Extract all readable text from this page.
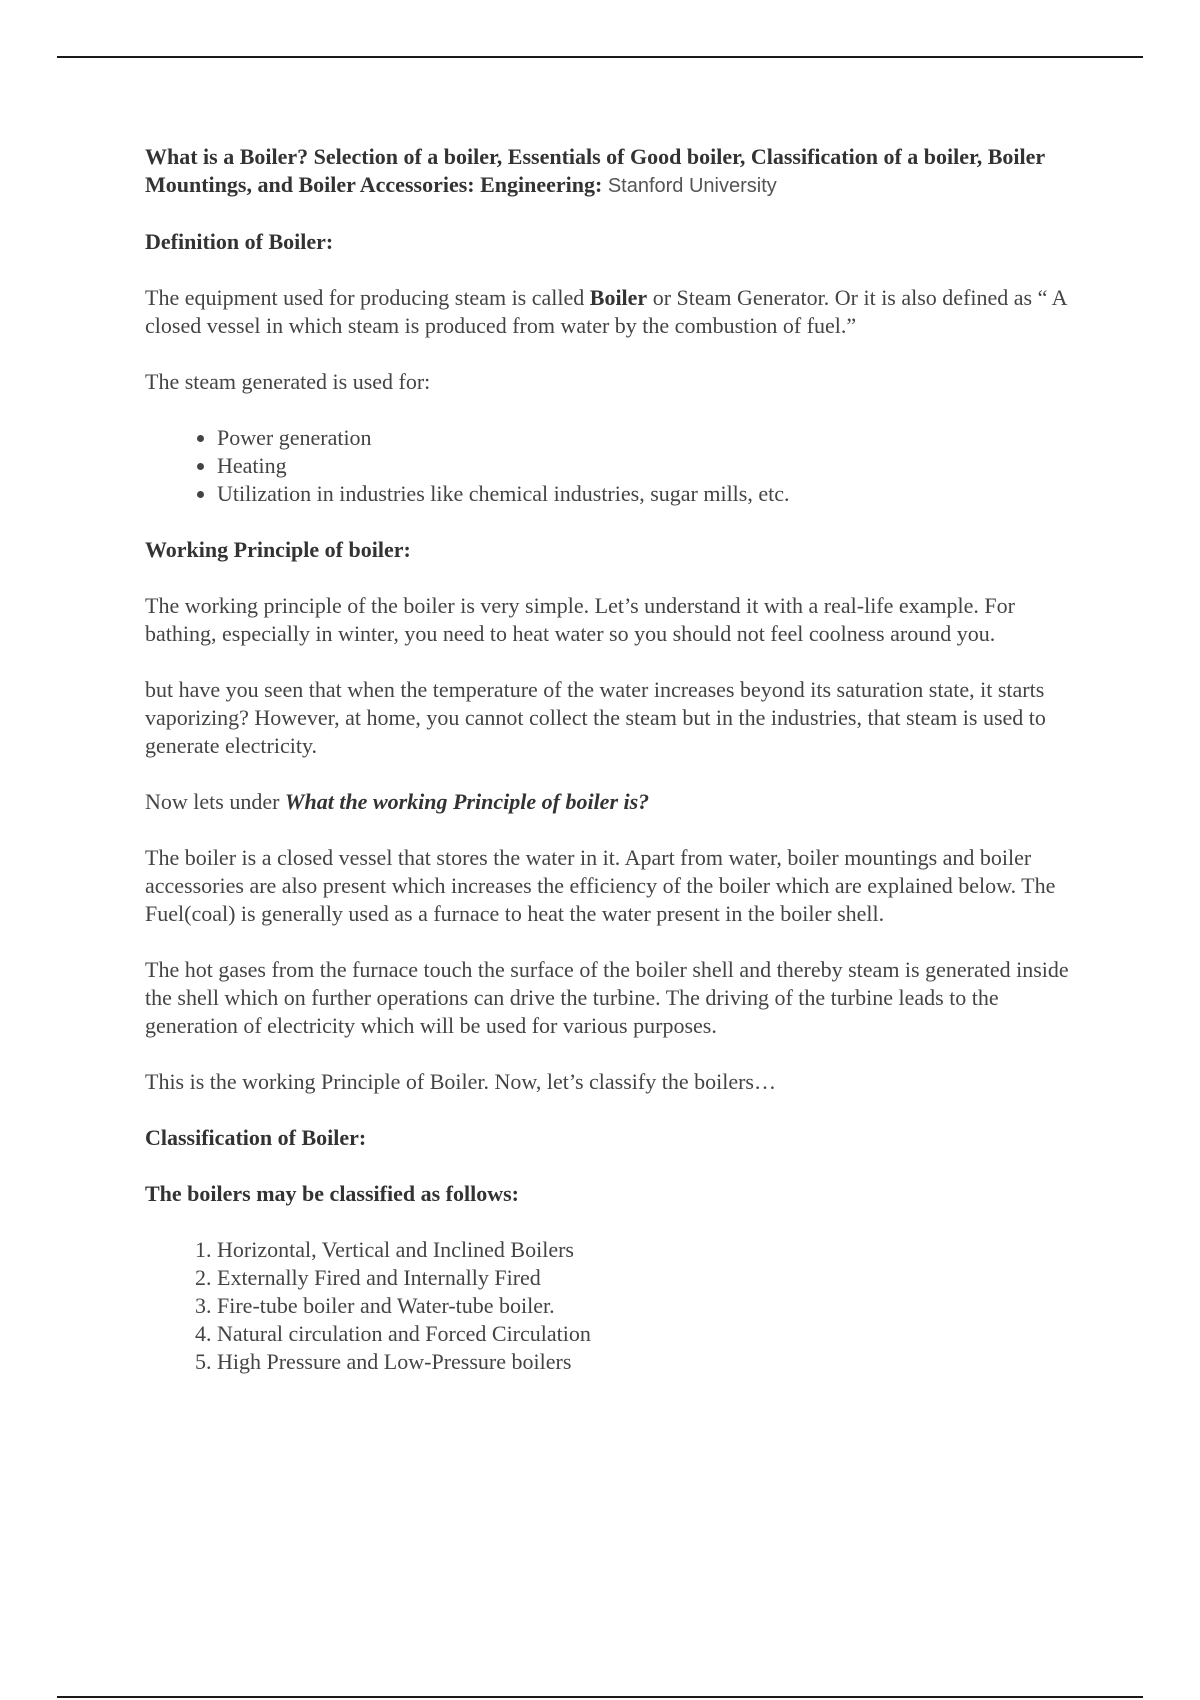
What is a Boiler? Selection of a boiler, Essentials of Good boiler, Classification of a boiler, Boiler Mountings, and Boiler Accessories: Engineering: Stanford University

Definition of Boiler:

The equipment used for producing steam is called Boiler or Steam Generator. Or it is also defined as “ A closed vessel in which steam is produced from water by the combustion of fuel.”

The steam generated is used for:

• Power generation
• Heating
• Utilization in industries like chemical industries, sugar mills, etc.
Working Principle of boiler:

The working principle of the boiler is very simple. Let’s understand it with a real-life example. For bathing, especially in winter, you need to heat water so you should not feel coolness around you.

but have you seen that when the temperature of the water increases beyond its saturation state, it starts vaporizing? However, at home, you cannot collect the steam but in the industries, that steam is used to generate electricity.

Now lets under What the working Principle of boiler is?

The boiler is a closed vessel that stores the water in it. Apart from water, boiler mountings and boiler accessories are also present which increases the efficiency of the boiler which are explained below. The Fuel(coal) is generally used as a furnace to heat the water present in the boiler shell.

The hot gases from the furnace touch the surface of the boiler shell and thereby steam is generated inside the shell which on further operations can drive the turbine. The driving of the turbine leads to the generation of electricity which will be used for various purposes.

This is the working Principle of Boiler. Now, let’s classify the boilers…

Classification of Boiler:
The boilers may be classified as follows:
1. Horizontal, Vertical and Inclined Boilers
2. Externally Fired and Internally Fired
3. Fire-tube boiler and Water-tube boiler.
4. Natural circulation and Forced Circulation
5. High Pressure and Low-Pressure boilers
